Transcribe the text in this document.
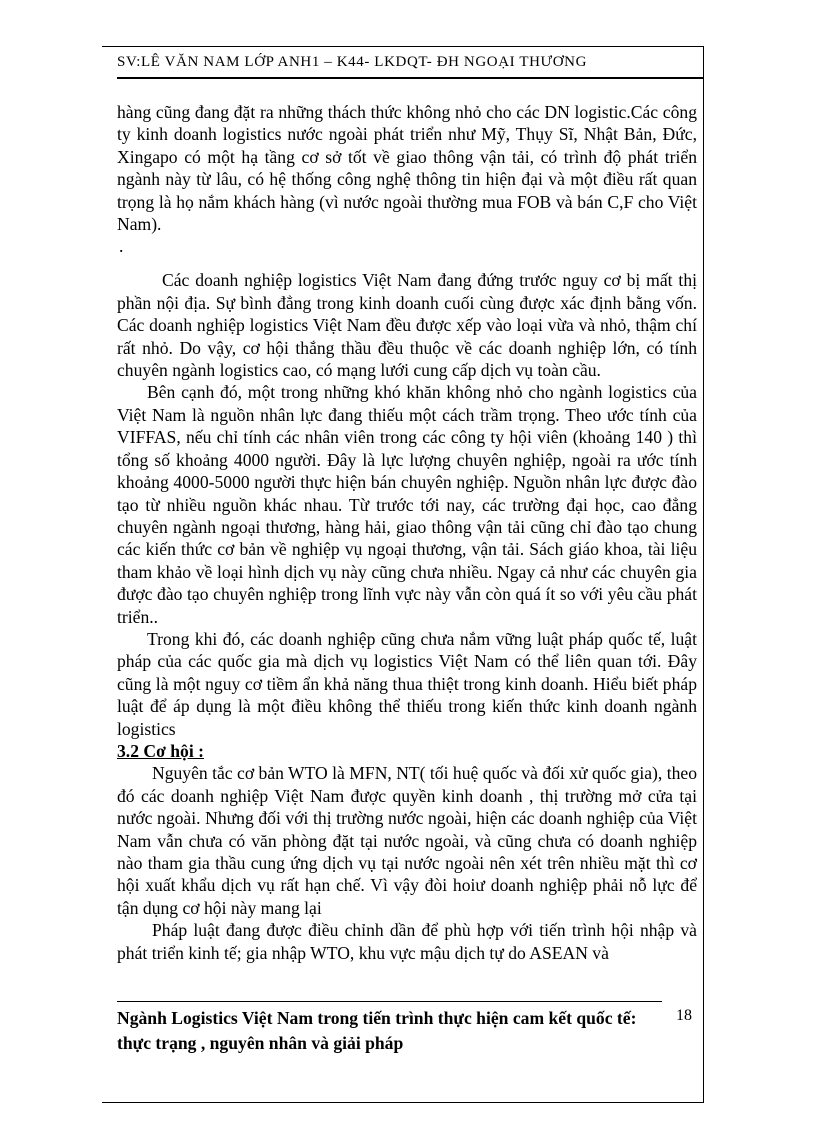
SV:LÊ VĂN NAM LỚP ANH1 – K44- LKDQT- ĐH NGOẠI THƯƠNG

hàng cũng đang đặt ra những thách thức không nhỏ cho các DN logistic.Các công ty kinh doanh logistics nước ngoài phát triển như Mỹ, Thụy Sĩ, Nhật Bản, Đức, Xingapo có một hạ tầng cơ sở tốt về giao thông vận tải, có trình độ phát triển ngành này từ lâu, có hệ thống công nghệ thông tin hiện đại và một điều rất quan trọng là họ nắm khách hàng (vì nước ngoài thường mua FOB và bán C,F cho Việt Nam).

.

Các doanh nghiệp logistics Việt Nam đang đứng trước nguy cơ bị mất thị phần nội địa. Sự bình đẳng trong kinh doanh cuối cùng được xác định bằng vốn. Các doanh nghiệp logistics Việt Nam đều được xếp vào loại vừa và nhỏ, thậm chí rất nhỏ. Do vậy, cơ hội thắng thầu đều thuộc về các doanh nghiệp lớn, có tính chuyên ngành logistics cao, có mạng lưới cung cấp dịch vụ toàn cầu.

Bên cạnh đó, một trong những khó khăn không nhỏ cho ngành logistics của Việt Nam là nguồn nhân lực đang thiếu một cách trầm trọng. Theo ước tính của VIFFAS, nếu chỉ tính các nhân viên trong các công ty hội viên (khoảng 140 ) thì tổng số khoảng 4000 người. Đây là lực lượng chuyên nghiệp, ngoài ra ước tính khoảng 4000-5000 người thực hiện bán chuyên nghiệp. Nguồn nhân lực được đào tạo từ nhiều nguồn khác nhau. Từ trước tới nay, các trường đại học, cao đẳng chuyên ngành ngoại thương, hàng hải, giao thông vận tải cũng chỉ đào tạo chung các kiến thức cơ bản về nghiệp vụ ngoại thương, vận tải. Sách giáo khoa, tài liệu tham khảo về loại hình dịch vụ này cũng chưa nhiều. Ngay cả như các chuyên gia được đào tạo chuyên nghiệp trong lĩnh vực này vẫn còn quá ít so với yêu cầu phát triển..

Trong khi đó, các doanh nghiệp cũng chưa nắm vững luật pháp quốc tế, luật pháp của các quốc gia mà dịch vụ logistics Việt Nam có thể liên quan tới. Đây cũng là một nguy cơ tiềm ẩn khả năng thua thiệt trong kinh doanh. Hiểu biết pháp luật để áp dụng là một điều không thể thiếu trong kiến thức kinh doanh ngành logistics

3.2 Cơ hội :

Nguyên tắc cơ bản WTO là MFN, NT( tối huệ quốc và đối xử quốc gia), theo đó các doanh nghiệp Việt Nam được quyền kinh doanh , thị trường mở cửa tại nước ngoài. Nhưng đối với thị trường nước ngoài, hiện các doanh nghiệp của Việt Nam vẫn chưa có văn phòng đặt tại nước ngoài, và cũng chưa có doanh nghiệp nào tham gia thầu cung ứng dịch vụ tại nước ngoài nên xét trên nhiều mặt thì cơ hội xuất khẩu dịch vụ rất hạn chế. Vì vậy đòi hoiư doanh nghiệp phải nỗ lực để tận dụng cơ hội này mang lại

Pháp luật đang được điều chỉnh dần để phù hợp với tiến trình hội nhập và phát triển kinh tế; gia nhập WTO, khu vực mậu dịch tự do ASEAN và

Ngành Logistics Việt Nam trong tiến trình thực hiện cam kết quốc tế: thực trạng , nguyên nhân và giải pháp
18
